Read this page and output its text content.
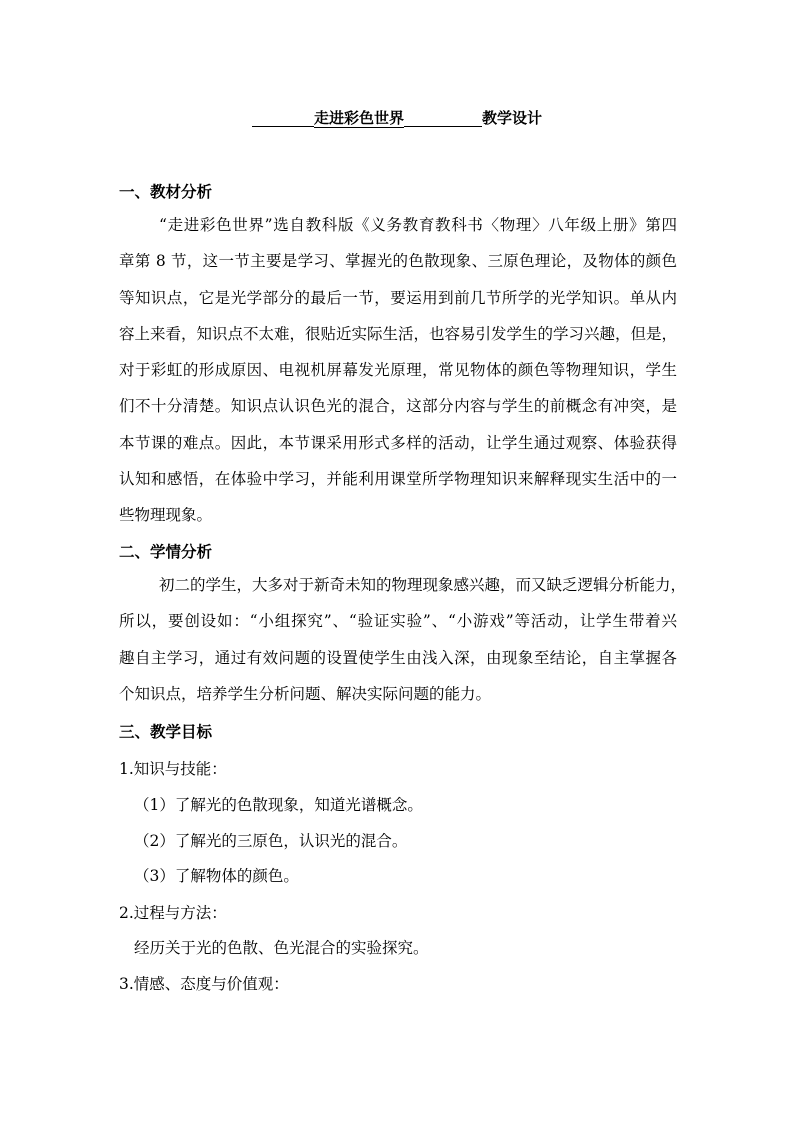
走进彩色世界	教学设计
一、教材分析
“走进彩色世界”选自教科版《义务教育教科书〈物理〉八年级上册》第四
章第 8 节，这一节主要是学习、掌握光的色散现象、三原色理论，及物体的颜色
等知识点，它是光学部分的最后一节，要运用到前几节所学的光学知识。单从内
容上来看，知识点不太难，很贴近实际生活，也容易引发学生的学习兴趣，但是，
对于彩虹的形成原因、电视机屏幕发光原理，常见物体的颜色等物理知识，学生
们不十分清楚。知识点认识色光的混合，这部分内容与学生的前概念有冲突，是
本节课的难点。因此，本节课采用形式多样的活动，让学生通过观察、体验获得
认知和感悟，在体验中学习，并能利用课堂所学物理知识来解释现实生活中的一
些物理现象。
二、学情分析
初二的学生，大多对于新奇未知的物理现象感兴趣，而又缺乏逻辑分析能力，
所以，要创设如：“小组探究”、“验证实验”、“小游戏”等活动，让学生带着兴
趣自主学习，通过有效问题的设置使学生由浅入深，由现象至结论，自主掌握各
个知识点，培养学生分析问题、解决实际问题的能力。
三、教学目标
1.知识与技能：
（1）了解光的色散现象，知道光谱概念。
（2）了解光的三原色，认识光的混合。
（3）了解物体的颜色。
2.过程与方法：
经历关于光的色散、色光混合的实验探究。
3.情感、态度与价值观：
